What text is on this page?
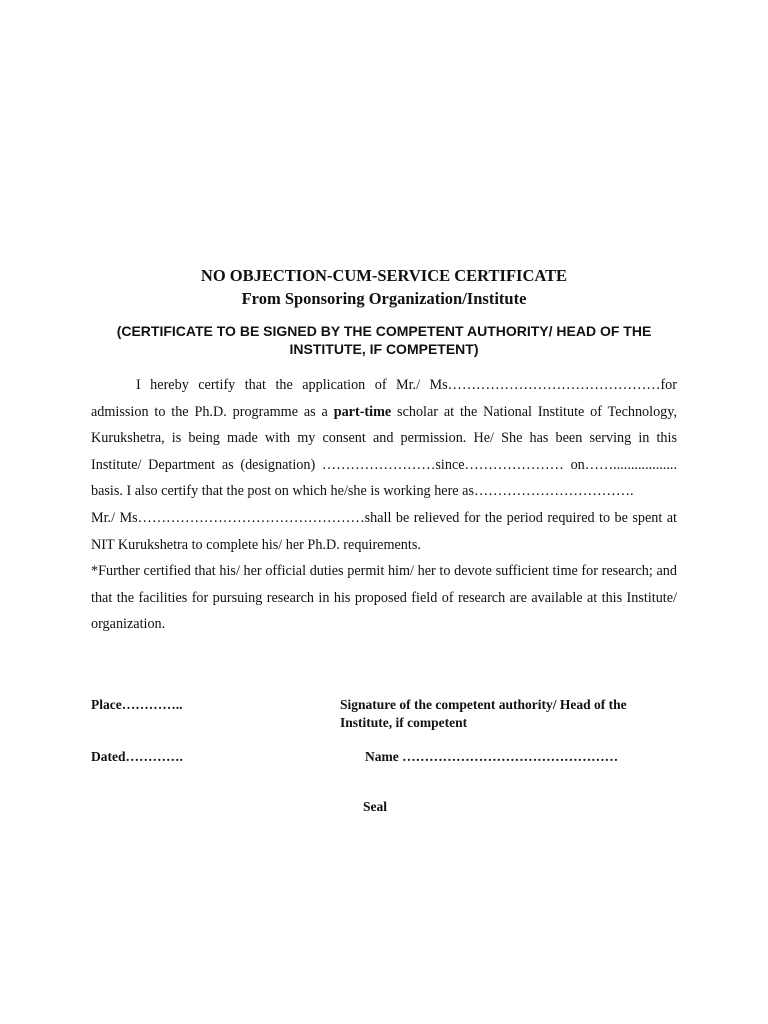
NO OBJECTION-CUM-SERVICE CERTIFICATE
From Sponsoring Organization/Institute
(CERTIFICATE TO BE SIGNED BY THE COMPETENT AUTHORITY/ HEAD OF THE INSTITUTE, IF COMPETENT)

I hereby certify that the application of Mr./ Ms………………………………………for admission to the Ph.D. programme as a part-time scholar at the National Institute of Technology, Kurukshetra, is being made with my consent and permission. He/ She has been serving in this Institute/ Department as (designation) ……………………since………………… on…….................. basis. I also certify that the post on which he/she is working here as…………………………….

Mr./ Ms…………………………………………shall be relieved for the period required to be spent at NIT Kurukshetra to complete his/ her Ph.D. requirements.

*Further certified that his/ her official duties permit him/ her to devote sufficient time for research; and that the facilities for pursuing research in his proposed field of research are available at this Institute/ organization.

Place…………..	Signature of the competent authority/ Head of the
Institute, if competent
Dated………….	Name …………………………………………
Seal
